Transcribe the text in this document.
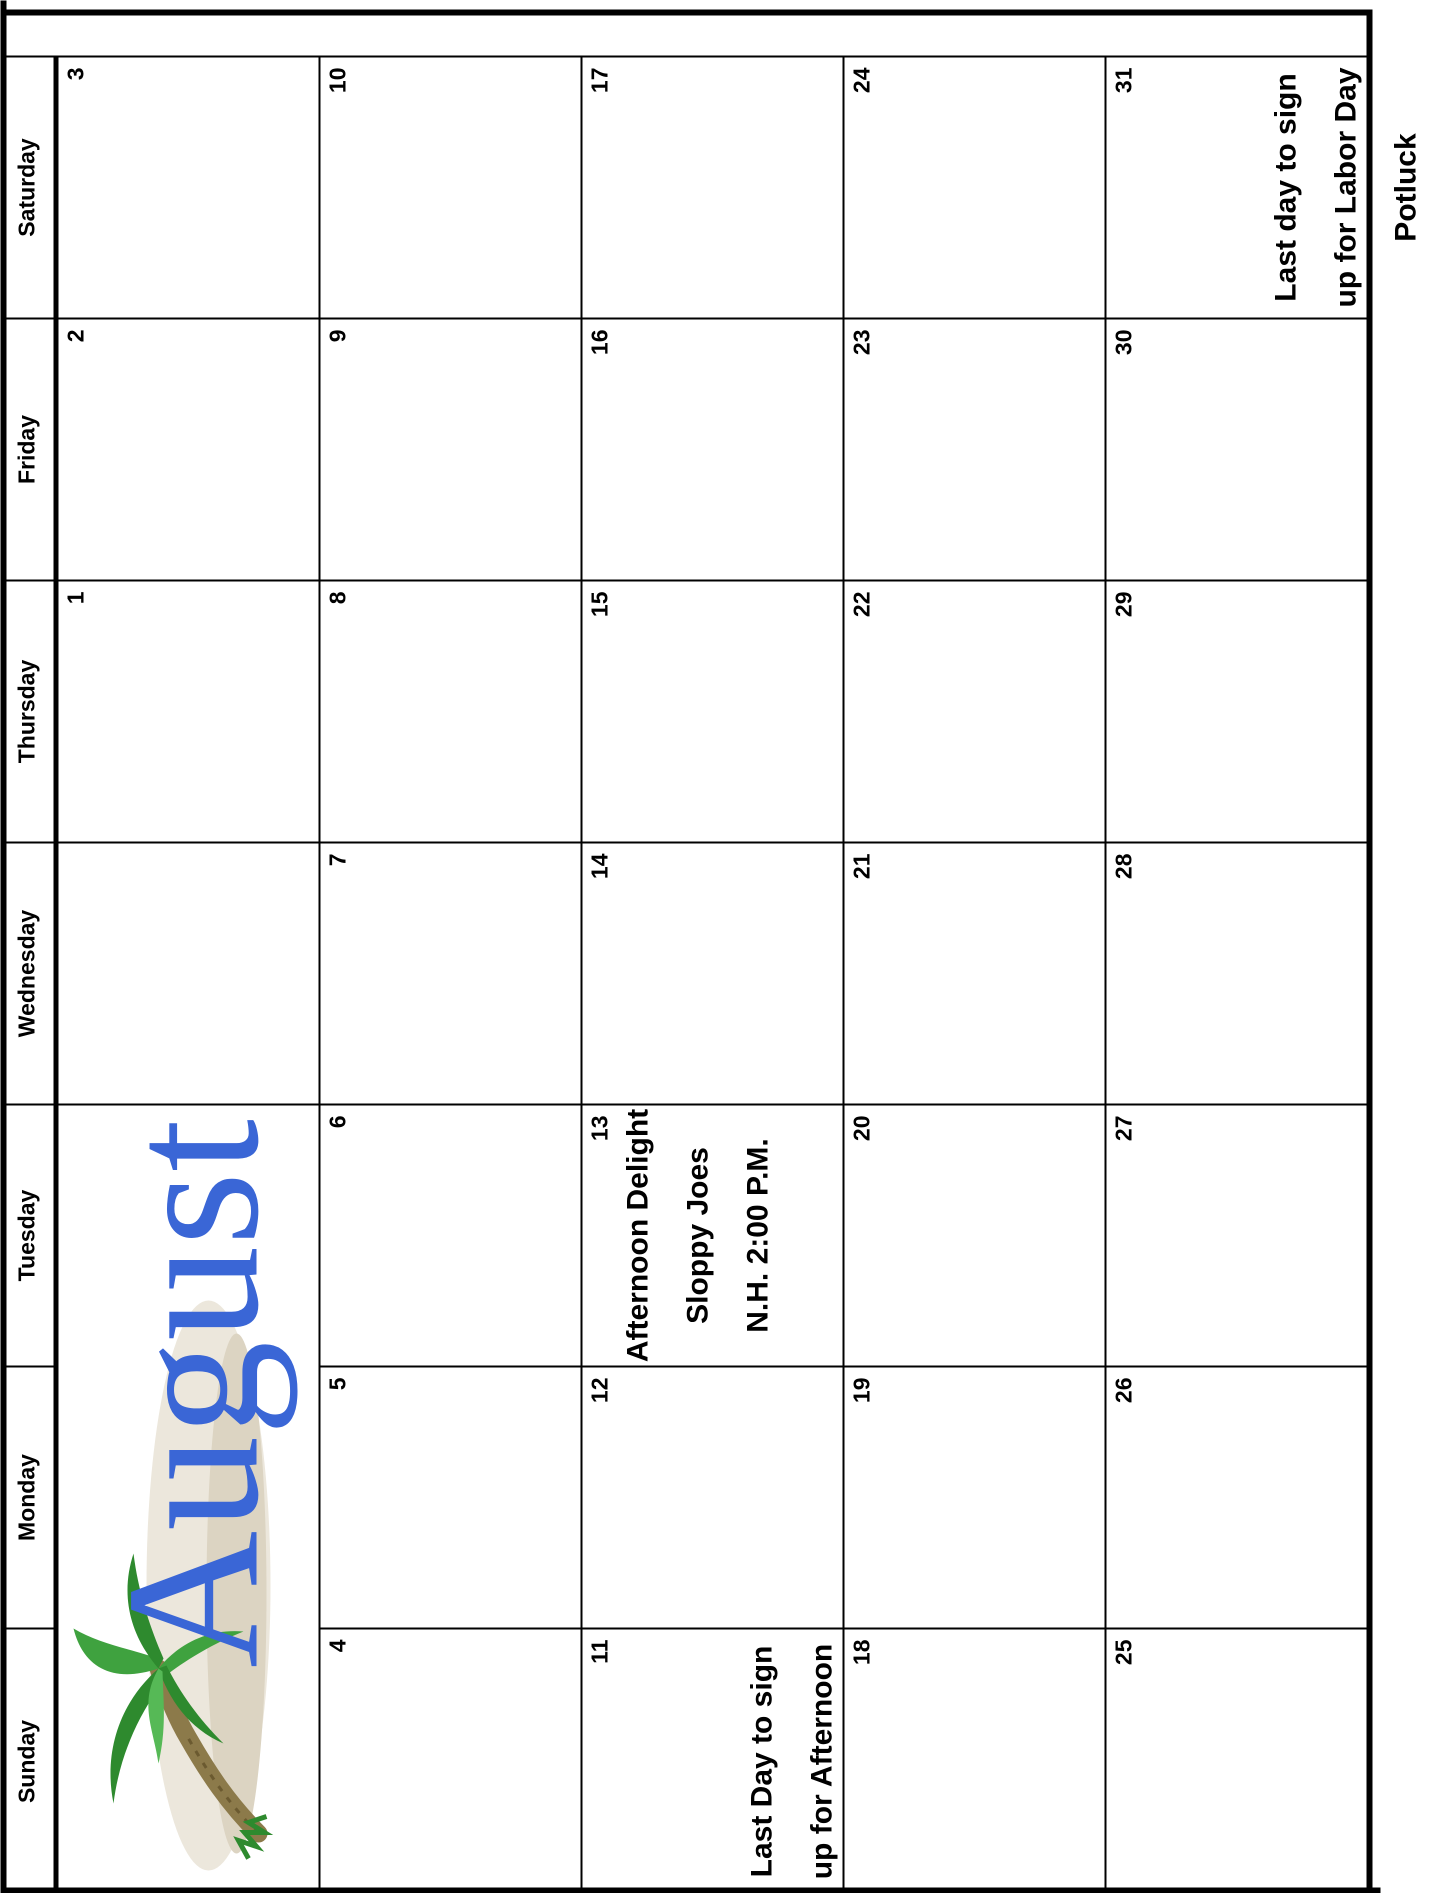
Sunday
Monday
Tuesday
Wednesday
Thursday
Friday
Saturday
August
1
2
3
4
5
6
7
8
9
10
11	Last Day to sign up for Afternoon
12
13 Afternoon Delight Sloppy Joes N.H. 2:00 P.M.
14
15
16
17
18
19
20
21
22
23
24
25
26
27
28
29
30
31	Last day to sign up for Labor Day Potluck
